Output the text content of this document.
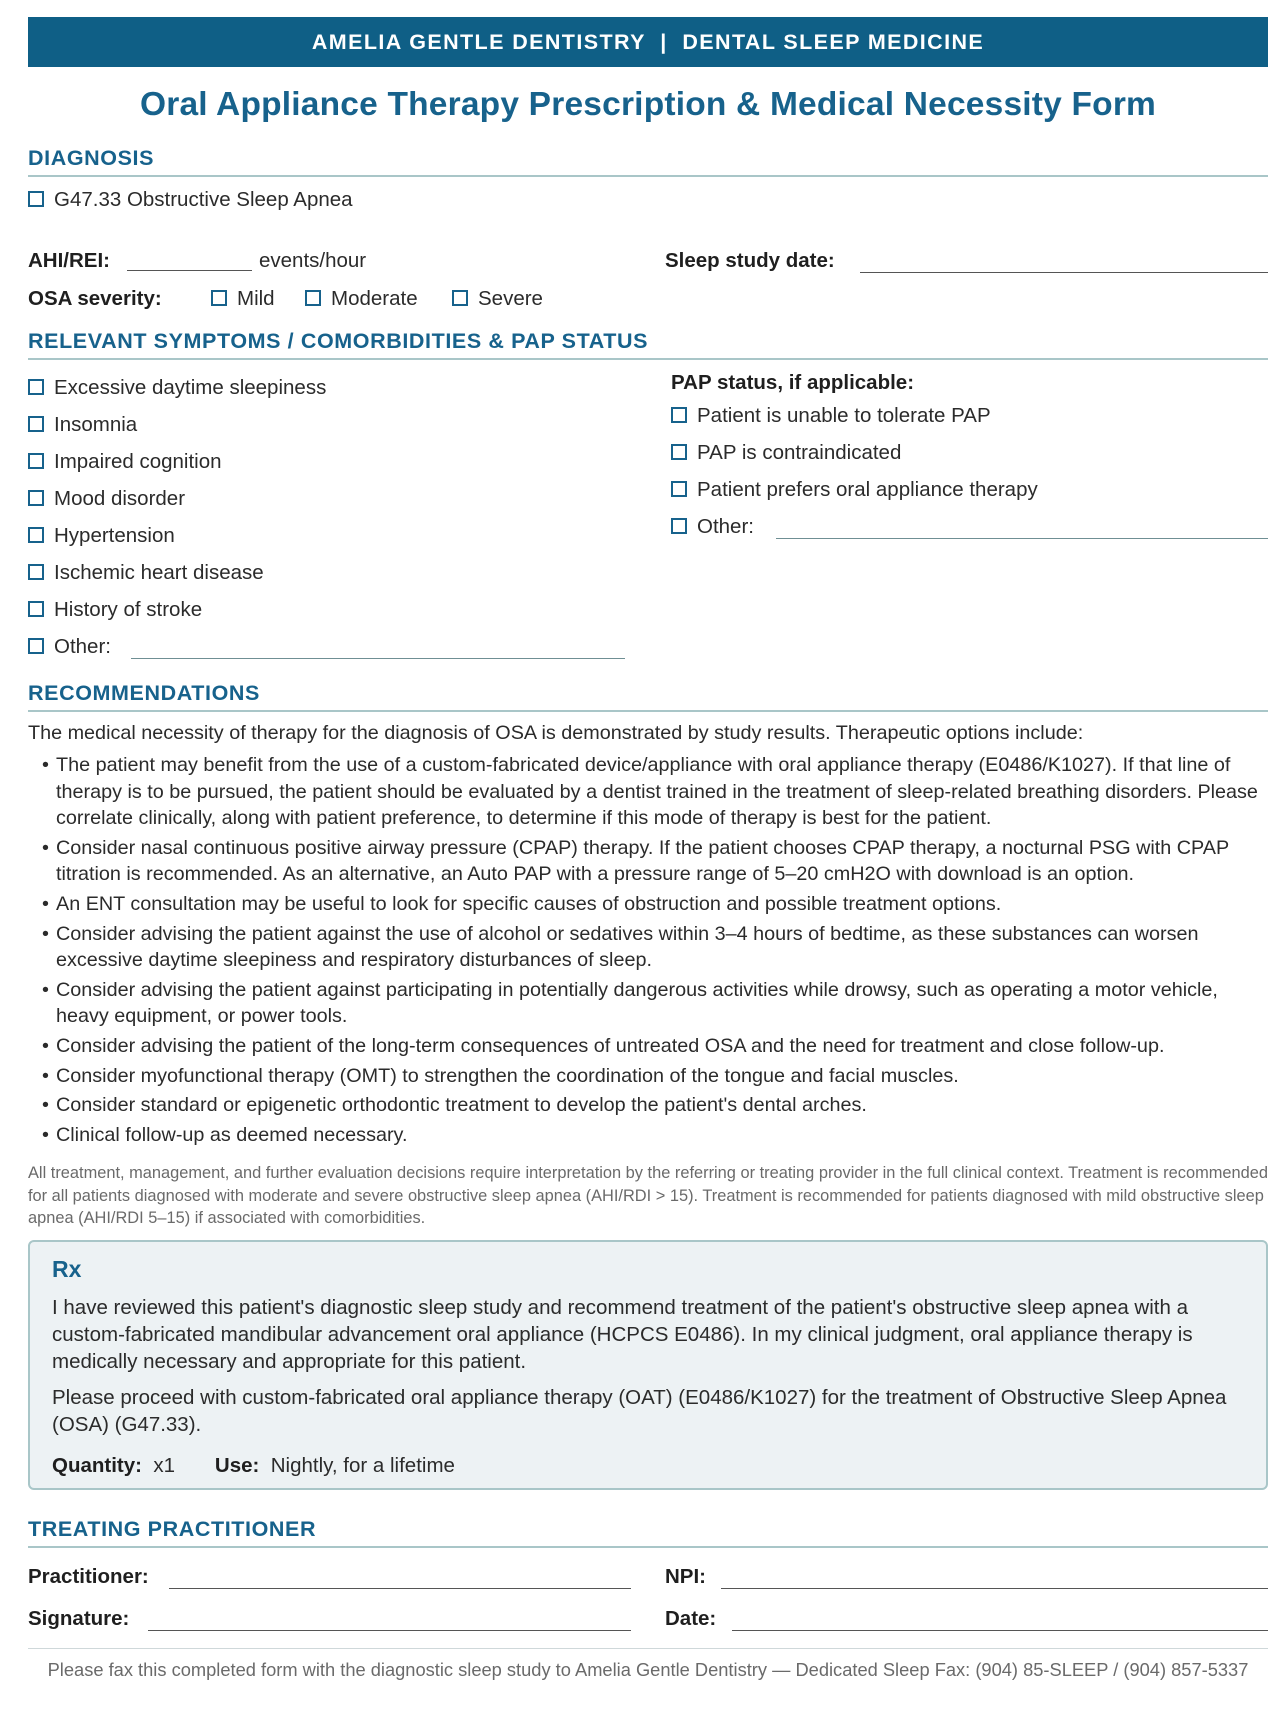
AMELIA GENTLE DENTISTRY  |  DENTAL SLEEP MEDICINE
Oral Appliance Therapy Prescription & Medical Necessity Form
DIAGNOSIS
G47.33 Obstructive Sleep Apnea
AHI/REI:	events/hour	Sleep study date:
OSA severity:	Mild	Moderate	Severe
RELEVANT SYMPTOMS / COMORBIDITIES & PAP STATUS
Excessive daytime sleepiness
Insomnia
Impaired cognition
Mood disorder
Hypertension
Ischemic heart disease
History of stroke
Other:
PAP status, if applicable:
Patient is unable to tolerate PAP
PAP is contraindicated
Patient prefers oral appliance therapy
Other:
RECOMMENDATIONS
The medical necessity of therapy for the diagnosis of OSA is demonstrated by study results. Therapeutic options include:
• The patient may benefit from the use of a custom-fabricated device/appliance with oral appliance therapy (E0486/K1027). If that line of therapy is to be pursued, the patient should be evaluated by a dentist trained in the treatment of sleep-related breathing disorders. Please correlate clinically, along with patient preference, to determine if this mode of therapy is best for the patient.
• Consider nasal continuous positive airway pressure (CPAP) therapy. If the patient chooses CPAP therapy, a nocturnal PSG with CPAP titration is recommended. As an alternative, an Auto PAP with a pressure range of 5–20 cmH2O with download is an option.
• An ENT consultation may be useful to look for specific causes of obstruction and possible treatment options.
• Consider advising the patient against the use of alcohol or sedatives within 3–4 hours of bedtime, as these substances can worsen excessive daytime sleepiness and respiratory disturbances of sleep.
• Consider advising the patient against participating in potentially dangerous activities while drowsy, such as operating a motor vehicle, heavy equipment, or power tools.
• Consider advising the patient of the long-term consequences of untreated OSA and the need for treatment and close follow-up.
• Consider myofunctional therapy (OMT) to strengthen the coordination of the tongue and facial muscles.
• Consider standard or epigenetic orthodontic treatment to develop the patient's dental arches.
• Clinical follow-up as deemed necessary.
All treatment, management, and further evaluation decisions require interpretation by the referring or treating provider in the full clinical context. Treatment is recommended for all patients diagnosed with moderate and severe obstructive sleep apnea (AHI/RDI > 15). Treatment is recommended for patients diagnosed with mild obstructive sleep apnea (AHI/RDI 5–15) if associated with comorbidities.
Rx
I have reviewed this patient's diagnostic sleep study and recommend treatment of the patient's obstructive sleep apnea with a custom-fabricated mandibular advancement oral appliance (HCPCS E0486). In my clinical judgment, oral appliance therapy is medically necessary and appropriate for this patient.
Please proceed with custom-fabricated oral appliance therapy (OAT) (E0486/K1027) for the treatment of Obstructive Sleep Apnea (OSA) (G47.33).
Quantity: x1 Use: Nightly, for a lifetime
TREATING PRACTITIONER
Practitioner:	NPI:
Signature:	Date:
Please fax this completed form with the diagnostic sleep study to Amelia Gentle Dentistry — Dedicated Sleep Fax: (904) 85-SLEEP / (904) 857-5337
